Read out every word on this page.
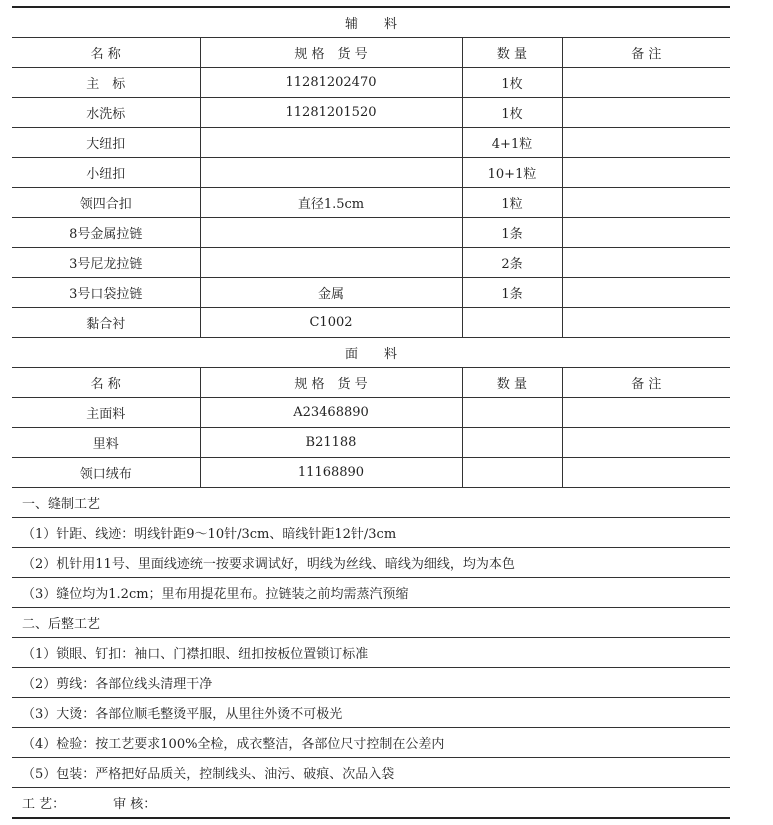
辅　　料			
名 称	规 格　货 号	数 量	备 注
主　标	11281202470	1枚	
水洗标	11281201520	1枚	
大纽扣		4+1粒	
小纽扣		10+1粒	
领四合扣	直径1.5cm	1粒	
8号金属拉链		1条	
3号尼龙拉链		2条	
3号口袋拉链	金属	1条	
黏合衬	C1002		
面　　料			
名 称	规 格　货 号	数 量	备 注
主面料	A23468890		
里料	B21188		
领口绒布	11168890		
一、缝制工艺			
（1）针距、线迹：明线针距9～10针/3cm、暗线针距12针/3cm			
（2）机针用11号、里面线迹统一按要求调试好，明线为丝线、暗线为细线，均为本色			
（3）缝位均为1.2cm；里布用提花里布。拉链装之前均需蒸汽预缩			
二、后整工艺			
（1）锁眼、钉扣：袖口、门襟扣眼、纽扣按板位置锁订标准			
（2）剪线：各部位线头清理干净			
（3）大烫：各部位顺毛整烫平服，从里往外烫不可极光			
（4）检验：按工艺要求100%全检，成衣整洁，各部位尺寸控制在公差内			
（5）包装：严格把好品质关，控制线头、油污、破痕、次品入袋			
工 艺： 审 核：			
